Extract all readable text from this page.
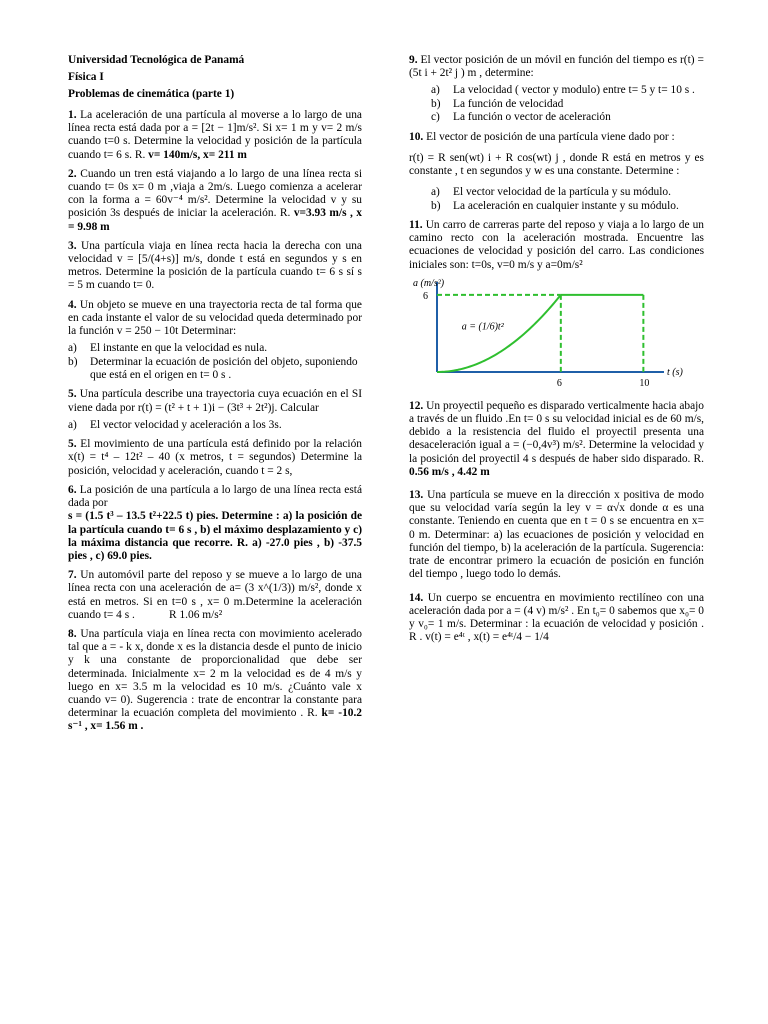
Universidad Tecnológica de Panamá

Física I

Problemas de cinemática (parte 1)

1. La aceleración de una partícula al moverse a lo largo de una línea recta está dada por a = [2t − 1]m/s². Si x= 1 m y v= 2 m/s cuando t=0 s. Determine la velocidad y posición de la partícula cuando t= 6 s. R. v= 140m/s, x= 211 m

2. Cuando un tren está viajando a lo largo de una línea recta si cuando t= 0s x= 0 m ,viaja a 2m/s. Luego comienza a acelerar con la forma a = 60v⁻⁴ m/s². Determine la velocidad v y su posición 3s después de iniciar la aceleración. R. v=3.93 m/s , x = 9.98 m

3. Una partícula viaja en línea recta hacia la derecha con una velocidad v = [5/(4+s)] m/s, donde t está en segundos y s en metros. Determine la posición de la partícula cuando t= 6 s sí s = 5 m cuando t= 0.

4. Un objeto se mueve en una trayectoria recta de tal forma que en cada instante el valor de su velocidad queda determinado por la función v = 250 − 10t Determinar:

a)	El instante en que la velocidad es nula.
b)	Determinar la ecuación de posición del objeto, suponiendo que está en el origen en t= 0 s .

5. Una partícula describe una trayectoria cuya ecuación en el SI viene dada por r(t) = (t² + t + 1)i − (3t³ + 2t²)j. Calcular

a)	El vector velocidad y aceleración a los 3s.

5. El movimiento de una partícula está definido por la relación x(t) = t⁴ – 12t² – 40 (x metros, t = segundos) Determine la posición, velocidad y aceleración, cuando t = 2 s,

6. La posición de una partícula a lo largo de una línea recta está dada por

s = (1.5 t³ – 13.5 t²+22.5 t) pies. Determine : a) la posición de la partícula cuando t= 6 s , b) el máximo desplazamiento y c) la máxima distancia que recorre. R. a) -27.0 pies , b) -37.5 pies , c) 69.0 pies.

7. Un automóvil parte del reposo y se mueve a lo largo de una línea recta con una aceleración de a= (3 x^(1/3)) m/s², donde x está en metros. Si en t=0 s , x= 0 m.Determine la aceleración cuando t= 4 s .	R 1.06 m/s²

8. Una partícula viaja en línea recta con movimiento acelerado tal que a = - k x, donde x es la distancia desde el punto de inicio y k una constante de proporcionalidad que debe ser determinada. Inicialmente x= 2 m la velocidad es de 4 m/s y luego en x= 3.5 m la velocidad es 10 m/s. ¿Cuánto vale x cuando v= 0). Sugerencia : trate de encontrar la constante para determinar la ecuación completa del movimiento . R. k= -10.2 s⁻¹ , x= 1.56 m .

9. El vector posición de un móvil en función del tiempo es r(t) = (5t i + 2t² j ) m , determine:

a)	La velocidad ( vector y modulo) entre t= 5 y t= 10 s .
b)	La función de velocidad
c)	La función o vector de aceleración

10. El vector de posición de una partícula viene dado por :

r(t) = R sen(wt) i + R cos(wt) j , donde R está en metros y es constante , t en segundos y w es una constante. Determine :

a)	El vector velocidad de la partícula y su módulo.
b)	La aceleración en cualquier instante y su módulo.

11. Un carro de carreras parte del reposo y viaja a lo largo de un camino recto con la aceleración mostrada. Encuentre las ecuaciones de velocidad y posición del carro. Las condiciones iniciales son: t=0s, v=0 m/s y a=0m/s²

a (m/s²)
t (s)
6
6	10
a = (1/6)t²

12. Un proyectil pequeño es disparado verticalmente hacia abajo a través de un fluido .En t= 0 s su velocidad inicial es de 60 m/s, debido a la resistencia del fluido el proyectil presenta una desaceleración igual a = (−0,4v³) m/s². Determine la velocidad y la posición del proyectil 4 s después de haber sido disparado. R. 0.56 m/s , 4.42 m

13. Una partícula se mueve en la dirección x positiva de modo que su velocidad varía según la ley v = α√x donde α es una constante. Teniendo en cuenta que en t = 0 s se encuentra en x= 0 m. Determinar: a) las ecuaciones de posición y velocidad en función del tiempo, b) la aceleración de la partícula. Sugerencia: trate de encontrar primero la ecuación de posición en función del tiempo , luego todo lo demás.

14. Un cuerpo se encuentra en movimiento rectilíneo con una aceleración dada por a = (4 v) m/s² . En t₀= 0 sabemos que x₀= 0 y v₀= 1 m/s. Determinar : la ecuación de velocidad y posición . R . v(t) = e⁴ᵗ , x(t) = e⁴ᵗ/4 − 1/4
